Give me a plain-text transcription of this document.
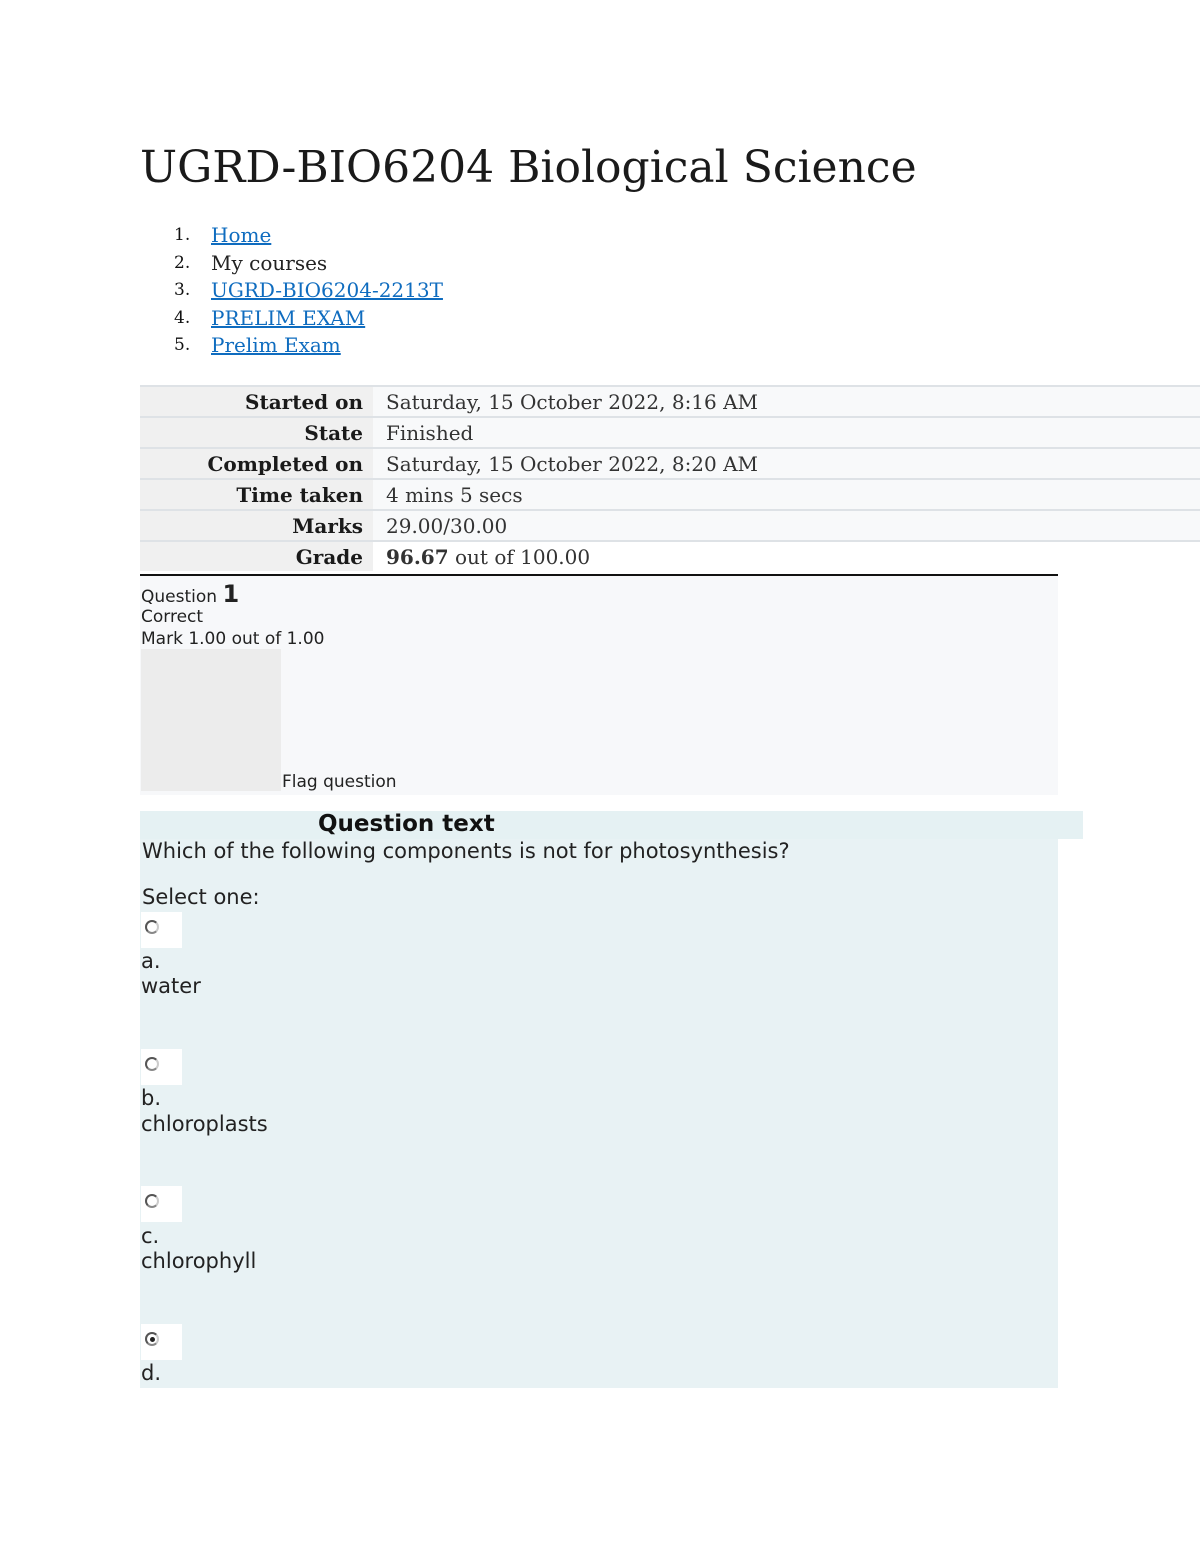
UGRD-BIO6204 Biological Science
1.	Home
2.	My courses
3.	UGRD-BIO6204-2213T
4.	PRELIM EXAM
5.	Prelim Exam
Started on	Saturday, 15 October 2022, 8:16 AM
State	Finished
Completed on	Saturday, 15 October 2022, 8:20 AM
Time taken	4 mins 5 secs
Marks	29.00/30.00
Grade	96.67 out of 100.00
Question 1
Correct
Mark 1.00 out of 1.00
Flag question
Question text
Which of the following components is not for photosynthesis?
Select one:
a.
water
b.
chloroplasts
c.
chlorophyll
d.
